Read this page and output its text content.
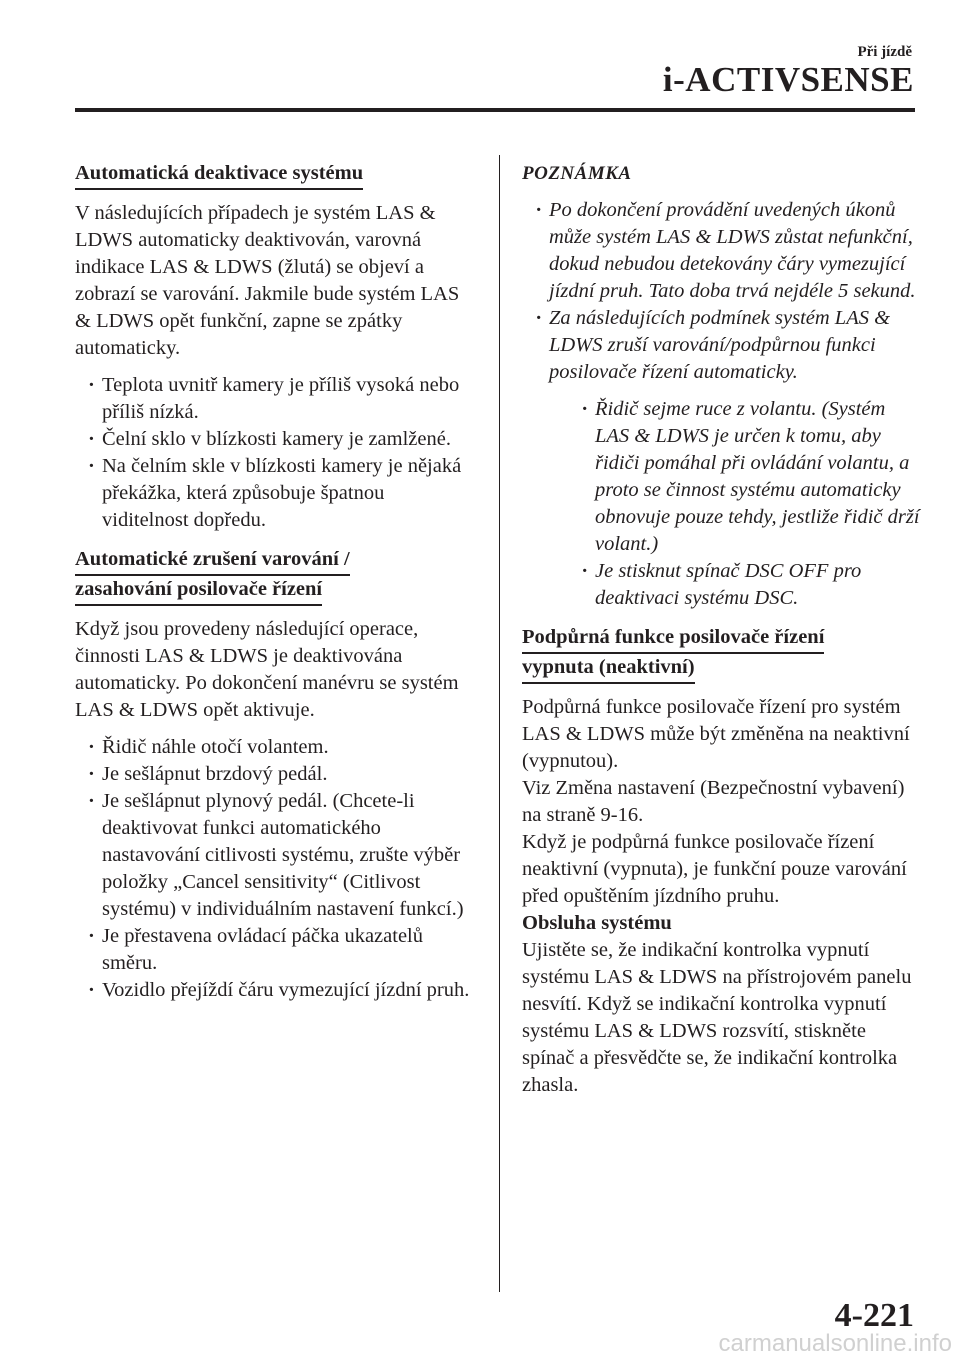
Při jízdě
i-ACTIVSENSE
Automatická deaktivace systému

V následujících případech je systém LAS & LDWS automaticky deaktivován, varovná indikace LAS & LDWS (žlutá) se objeví a zobrazí se varování. Jakmile bude systém LAS & LDWS opět funkční, zapne se zpátky automaticky.

· Teplota uvnitř kamery je příliš vysoká nebo příliš nízká.
· Čelní sklo v blízkosti kamery je zamlžené.
· Na čelním skle v blízkosti kamery je nějaká překážka, která způsobuje špatnou viditelnost dopředu.
Automatické zrušení varování /
zasahování posilovače řízení

Když jsou provedeny následující operace, činnosti LAS & LDWS je deaktivována automaticky. Po dokončení manévru se systém LAS & LDWS opět aktivuje.

· Řidič náhle otočí volantem.
· Je sešlápnut brzdový pedál.
· Je sešlápnut plynový pedál. (Chcete-li deaktivovat funkci automatického nastavování citlivosti systému, zrušte výběr položky „Cancel sensitivity“ (Citlivost systému) v individuálním nastavení funkcí.)
· Je přestavena ovládací páčka ukazatelů směru.
· Vozidlo přejíždí čáru vymezující jízdní pruh.
POZNÁMKA
· Po dokončení provádění uvedených úkonů může systém LAS & LDWS zůstat nefunkční, dokud nebudou detekovány čáry vymezující jízdní pruh. Tato doba trvá nejdéle 5 sekund.
· Za následujících podmínek systém LAS & LDWS zruší varování/podpůrnou funkci posilovače řízení automaticky.
· Řidič sejme ruce z volantu. (Systém LAS & LDWS je určen k tomu, aby řidiči pomáhal při ovládání volantu, a proto se činnost systému automaticky obnovuje pouze tehdy, jestliže řidič drží volant.)
· Je stisknut spínač DSC OFF pro deaktivaci systému DSC.
Podpůrná funkce posilovače řízení
vypnuta (neaktivní)

Podpůrná funkce posilovače řízení pro systém LAS & LDWS může být změněna na neaktivní (vypnutou).

Viz Změna nastavení (Bezpečnostní vybavení) na straně 9-16.

Když je podpůrná funkce posilovače řízení neaktivní (vypnuta), je funkční pouze varování před opuštěním jízdního pruhu.

Obsluha systému

Ujistěte se, že indikační kontrolka vypnutí systému LAS & LDWS na přístrojovém panelu nesvítí. Když se indikační kontrolka vypnutí systému LAS & LDWS rozsvítí, stiskněte spínač a přesvědčte se, že indikační kontrolka zhasla.

4-221
carmanualsonline.info
